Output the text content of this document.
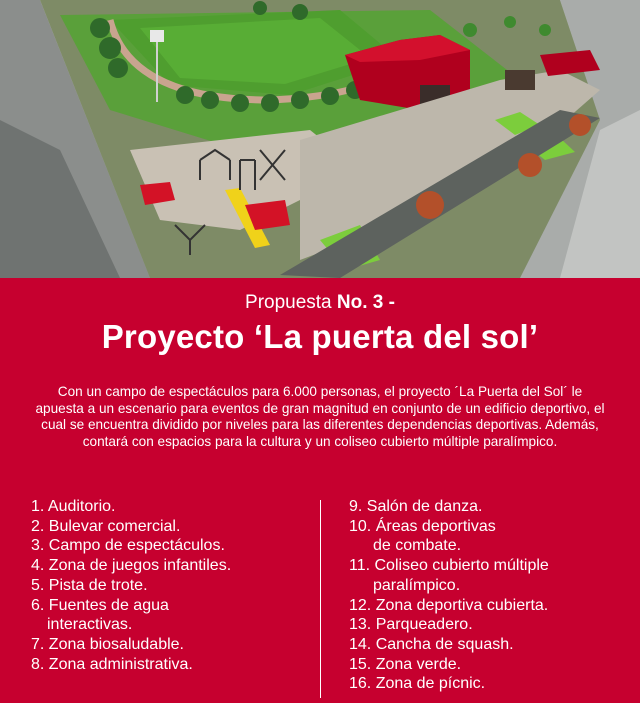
Propuesta No. 3 -
Proyecto ‘La puerta del sol’
Con un campo de espectáculos para 6.000 personas, el proyecto ´La Puerta del Sol´ le apuesta a un escenario para eventos de gran magnitud en conjunto de un edificio deportivo, el cual se encuentra dividido por niveles para las diferentes dependencias deportivas. Además, contará con espacios para la cultura y un coliseo cubierto múltiple paralímpico.
1. Auditorio.
2. Bulevar comercial.
3. Campo de espectáculos.
4. Zona de juegos infantiles.
5. Pista de trote.
6. Fuentes de agua
interactivas.
7. Zona biosaludable.
8. Zona administrativa.
9. Salón de danza.
10. Áreas deportivas
de combate.
11. Coliseo cubierto múltiple
paralímpico.
12. Zona deportiva cubierta.
13. Parqueadero.
14. Cancha de squash.
15. Zona verde.
16. Zona de pícnic.
